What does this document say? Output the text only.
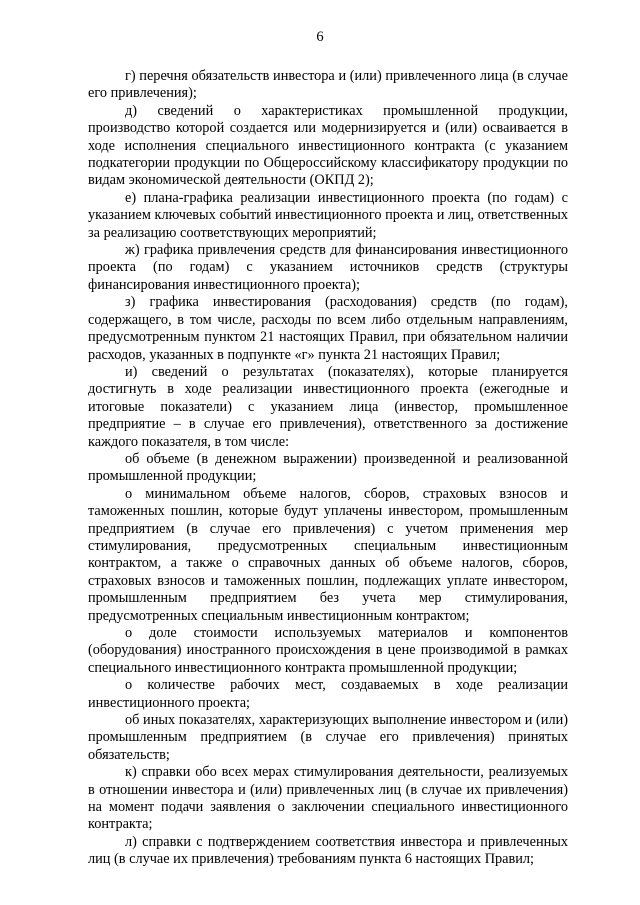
6

г) перечня обязательств инвестора и (или) привлеченного лица (в случае его привлечения);

д) сведений о характеристиках промышленной продукции, производство которой создается или модернизируется и (или) осваивается в ходе исполнения специального инвестиционного контракта (с указанием подкатегории продукции по Общероссийскому классификатору продукции по видам экономической деятельности (ОКПД 2);

е) плана-графика реализации инвестиционного проекта (по годам) с указанием ключевых событий инвестиционного проекта и лиц, ответственных за реализацию соответствующих мероприятий;

ж) графика привлечения средств для финансирования инвестиционного проекта (по годам) с указанием источников средств (структуры финансирования инвестиционного проекта);

з) графика инвестирования (расходования) средств (по годам), содержащего, в том числе, расходы по всем либо отдельным направлениям, предусмотренным пунктом 21 настоящих Правил, при обязательном наличии расходов, указанных в подпункте «г» пункта 21 настоящих Правил;

и) сведений о результатах (показателях), которые планируется достигнуть в ходе реализации инвестиционного проекта (ежегодные и итоговые показатели) с указанием лица (инвестор, промышленное предприятие – в случае его привлечения), ответственного за достижение каждого показателя, в том числе:

об объеме (в денежном выражении) произведенной и реализованной промышленной продукции;

о минимальном объеме налогов, сборов, страховых взносов и таможенных пошлин, которые будут уплачены инвестором, промышленным предприятием (в случае его привлечения) с учетом применения мер стимулирования, предусмотренных специальным инвестиционным контрактом, а также о справочных данных об объеме налогов, сборов, страховых взносов и таможенных пошлин, подлежащих уплате инвестором, промышленным предприятием без учета мер стимулирования, предусмотренных специальным инвестиционным контрактом;

о доле стоимости используемых материалов и компонентов (оборудования) иностранного происхождения в цене производимой в рамках специального инвестиционного контракта промышленной продукции;

о количестве рабочих мест, создаваемых в ходе реализации инвестиционного проекта;

об иных показателях, характеризующих выполнение инвестором и (или) промышленным предприятием (в случае его привлечения) принятых обязательств;

к) справки обо всех мерах стимулирования деятельности, реализуемых в отношении инвестора и (или) привлеченных лиц (в случае их привлечения) на момент подачи заявления о заключении специального инвестиционного контракта;

л) справки с подтверждением соответствия инвестора и привлеченных лиц (в случае их привлечения) требованиям пункта 6 настоящих Правил;
